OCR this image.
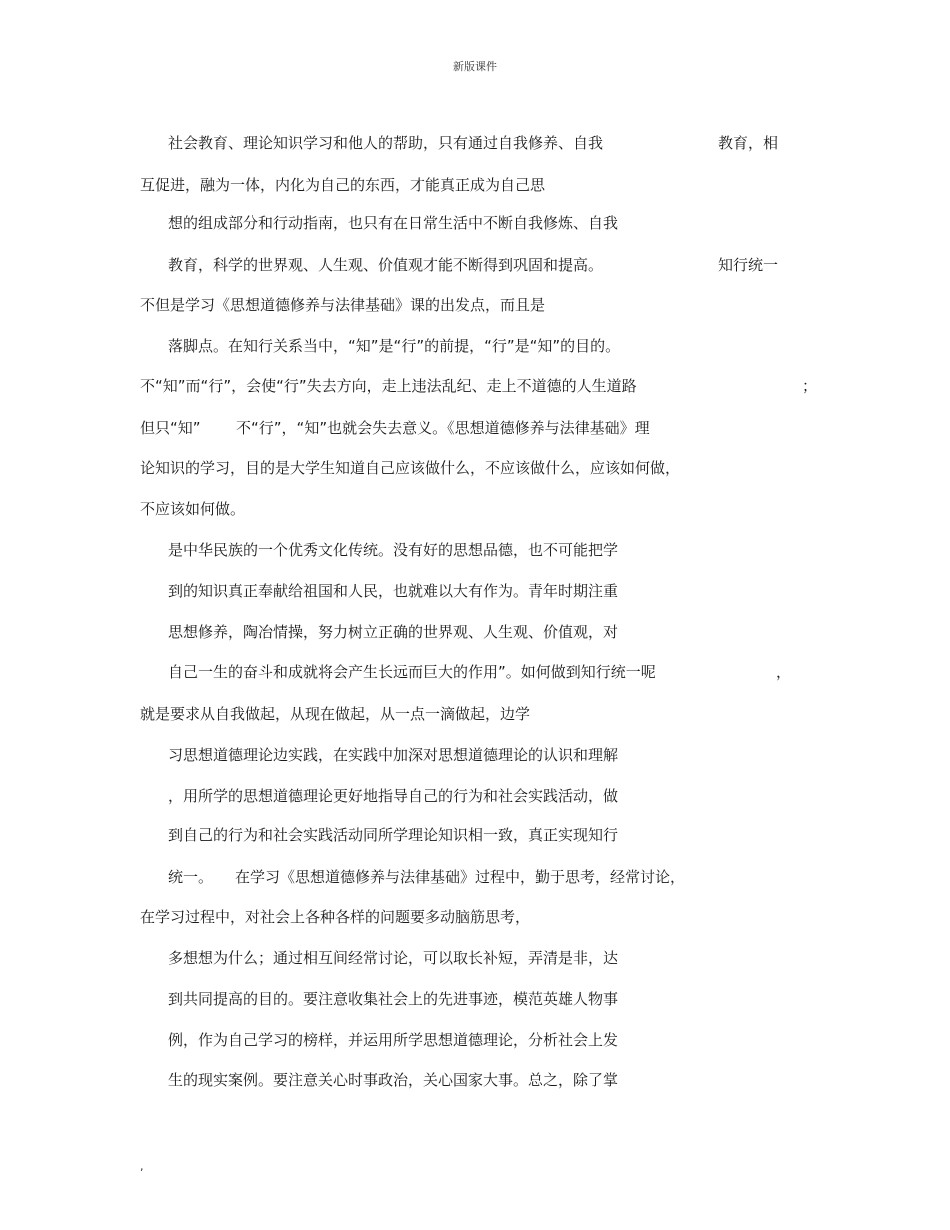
新版课件
社会教育、理论知识学习和他人的帮助，只有通过自我修养、自我	教育，相
互促进，融为一体，内化为自己的东西，才能真正成为自己思
想的组成部分和行动指南，也只有在日常生活中不断自我修炼、自我
教育，科学的世界观、人生观、价值观才能不断得到巩固和提高。	知行统一
不但是学习《思想道德修养与法律基础》课的出发点，而且是
落脚点。在知行关系当中，“知”是“行”的前提，“行”是“知”的目的。
不“知”而“行”，会使“行”失去方向，走上违法乱纪、走上不道德的人生道路	；
但只“知” 不“行”，“知”也就会失去意义。《思想道德修养与法律基础》理
论知识的学习，目的是大学生知道自己应该做什么，不应该做什么，应该如何做，
不应该如何做。
是中华民族的一个优秀文化传统。没有好的思想品德，也不可能把学
到的知识真正奉献给祖国和人民，也就难以大有作为。青年时期注重
思想修养，陶冶情操，努力树立正确的世界观、人生观、价值观，对
自己一生的奋斗和成就将会产生长远而巨大的作用”。如何做到知行统一呢	，
就是要求从自我做起，从现在做起，从一点一滴做起，边学
习思想道德理论边实践，在实践中加深对思想道德理论的认识和理解
，用所学的思想道德理论更好地指导自己的行为和社会实践活动，做
到自己的行为和社会实践活动同所学理论知识相一致，真正实现知行
统一。 在学习《思想道德修养与法律基础》过程中，勤于思考，经常讨论，
在学习过程中，对社会上各种各样的问题要多动脑筋思考，
多想想为什么；通过相互间经常讨论，可以取长补短，弄清是非，达
到共同提高的目的。要注意收集社会上的先进事迹，模范英雄人物事
例，作为自己学习的榜样，并运用所学思想道德理论，分析社会上发
生的现实案例。要注意关心时事政治，关心国家大事。总之，除了掌
,
